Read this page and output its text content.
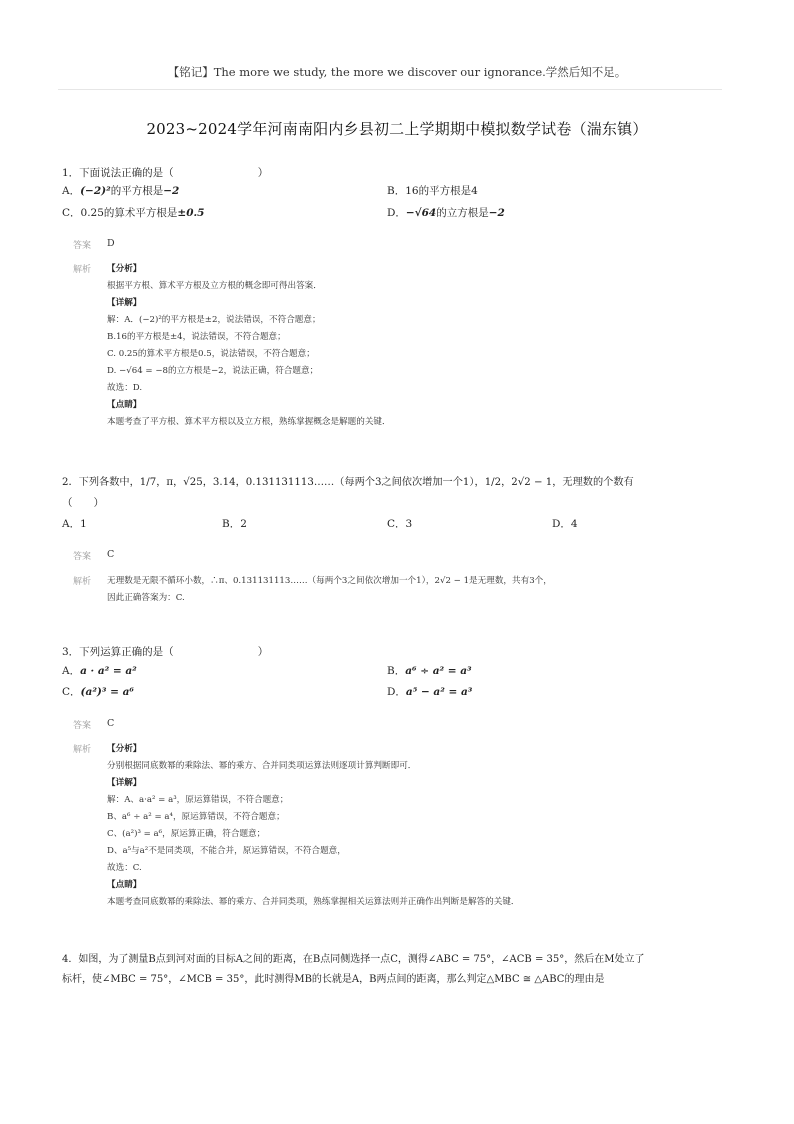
【铭记】The more we study, the more we discover our ignorance.学然后知不足。
2023~2024学年河南南阳内乡县初二上学期期中模拟数学试卷（湍东镇）
1．下面说法正确的是（	）
A．(−2)²的平方根是−2	B．16的平方根是4
C．0.25的算术平方根是±0.5	D．−√64的立方根是−2
答案 D
解析 【分析】
根据平方根、算术平方根及立方根的概念即可得出答案．
【详解】
解：A．(−2)²的平方根是±2，说法错误，不符合题意；
B.16的平方根是±4，说法错误，不符合题意；
C. 0.25的算术平方根是0.5，说法错误，不符合题意；
D. −√64 = −8的立方根是−2，说法正确，符合题意；
故选：D.
【点睛】
本题考查了平方根、算术平方根以及立方根，熟练掌握概念是解题的关键．
2．下列各数中，1/7，π，√25，3.14，0.131131113……（每两个3之间依次增加一个1），1/2，2√2 − 1，无理数的个数有
（　　）
A．1	B．2	C．3	D．4
答案 C
解析 无理数是无限不循环小数，∴π、0.131131113……（每两个3之间依次增加一个1），2√2 − 1是无理数，共有3个，
因此正确答案为：C.
3．下列运算正确的是（	）
A．a · a² = a²	B．a⁶ ÷ a² = a³
C．(a²)³ = a⁶	D．a⁵ − a² = a³
答案 C
解析 【分析】
分别根据同底数幂的乘除法、幂的乘方、合并同类项运算法则逐项计算判断即可．
【详解】
解：A、a·a² = a³，原运算错误，不符合题意；
B、a⁶ ÷ a² = a⁴，原运算错误，不符合题意；
C、(a²)³ = a⁶，原运算正确，符合题意；
D、a⁵与a²不是同类项，不能合并，原运算错误，不符合题意，
故选：C.
【点睛】
本题考查同底数幂的乘除法、幂的乘方、合并同类项，熟练掌握相关运算法则并正确作出判断是解答的关键．
4．如图，为了测量B点到河对面的目标A之间的距离，在B点同侧选择一点C，测得∠ABC = 75°，∠ACB = 35°，然后在M处立了
标杆，使∠MBC = 75°，∠MCB = 35°，此时测得MB的长就是A，B两点间的距离，那么判定△MBC ≅ △ABC的理由是
